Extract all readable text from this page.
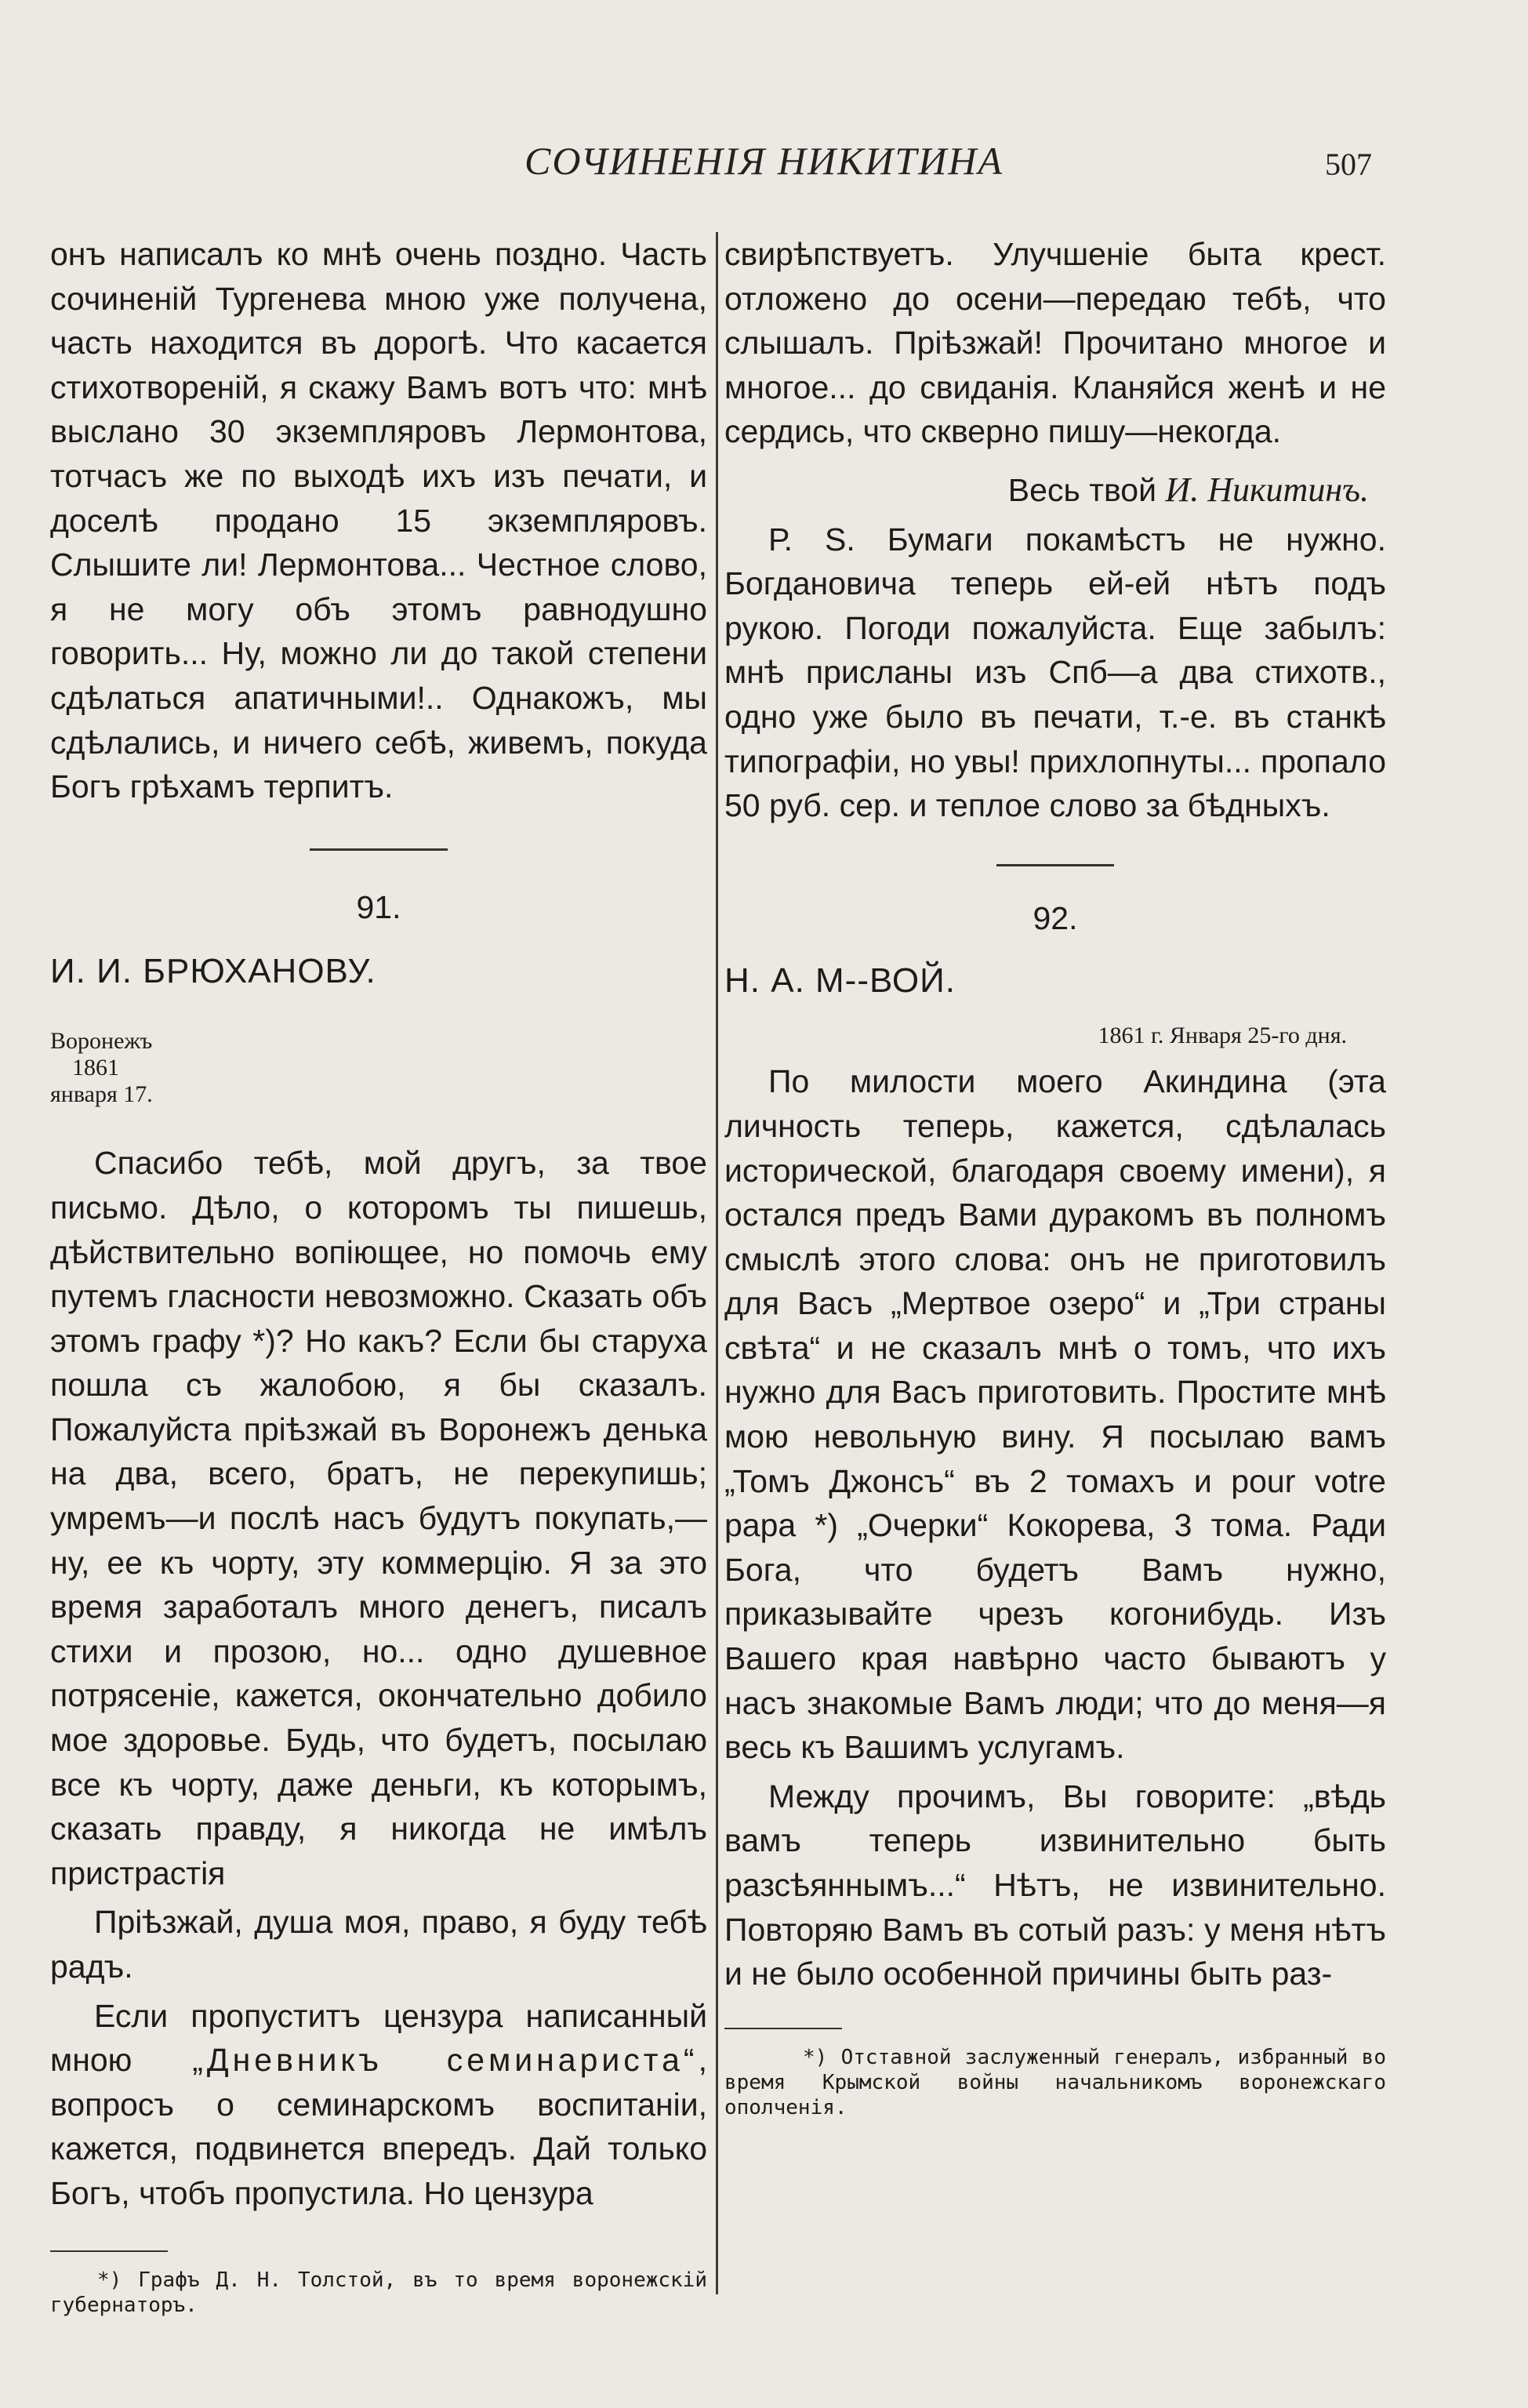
СОЧИНЕНІЯ НИКИТИНА	507

онъ написалъ ко мнѣ очень поздно. Часть сочиненій Тургенева мною уже получена, часть находится въ дорогѣ. Что касается стихотвореній, я скажу Вамъ вотъ что: мнѣ выслано 30 экземпляровъ Лермонтова, тотчасъ же по выходѣ ихъ изъ печати, и доселѣ продано 15 экземпляровъ. Слышите ли! Лермонтова... Честное слово, я не могу объ этомъ равнодушно говорить... Ну, можно ли до такой степени сдѣлаться апатичными!.. Однакожъ, мы сдѣлались, и ничего себѣ, живемъ, покуда Богъ грѣхамъ терпитъ.

91.
И. И. БРЮХАНОВУ.
Воронежъ
1861
января 17.

Спасибо тебѣ, мой другъ, за твое письмо. Дѣло, о которомъ ты пишешь, дѣйствительно вопіющее, но помочь ему путемъ гласности невозможно. Сказать объ этомъ графу *)? Но какъ? Если бы старуха пошла съ жалобою, я бы сказалъ. Пожалуйста пріѣзжай въ Воронежъ денька на два, всего, братъ, не перекупишь; умремъ—и послѣ насъ будутъ покупать,—ну, ее къ чорту, эту коммерцію. Я за это время заработалъ много денегъ, писалъ стихи и прозою, но... одно душевное потрясеніе, кажется, окончательно добило мое здоровье. Будь, что будетъ, посылаю все къ чорту, даже деньги, къ которымъ, сказать правду, я никогда не имѣлъ пристрастія

Пріѣзжай, душа моя, право, я буду тебѣ радъ.

Если пропуститъ цензура написанный мною „Дневникъ семинариста“, вопросъ о семинарскомъ воспитаніи, кажется, подвинется впередъ. Дай только Богъ, чтобъ пропустила. Но цензура

*) Графъ Д. Н. Толстой, въ то время воронежскій губернаторъ.

свирѣпствуетъ. Улучшеніе быта крест. отложено до осени—передаю тебѣ, что слышалъ. Пріѣзжай! Прочитано многое и многое... до свиданія. Кланяйся женѣ и не сердись, что скверно пишу—некогда.

Весь твой И. Никитинъ.

Р. S. Бумаги покамѣстъ не нужно. Богдановича теперь ей-ей нѣтъ подъ рукою. Погоди пожалуйста. Еще забылъ: мнѣ присланы изъ Спб—а два стихотв., одно уже было въ печати, т.-е. въ станкѣ типографіи, но увы! прихлопнуты... пропало 50 руб. сер. и теплое слово за бѣдныхъ.

92.
Н. А. М--ВОЙ.
1861 г. Января 25-го дня.

По милости моего Акиндина (эта личность теперь, кажется, сдѣлалась исторической, благодаря своему имени), я остался предъ Вами дуракомъ въ полномъ смыслѣ этого слова: онъ не приготовилъ для Васъ „Мертвое озеро“ и „Три страны свѣта“ и не сказалъ мнѣ о томъ, что ихъ нужно для Васъ приготовить. Простите мнѣ мою невольную вину. Я посылаю вамъ „Томъ Джонсъ“ въ 2 томахъ и pour votre papa *) „Очерки“ Кокорева, 3 тома. Ради Бога, что будетъ Вамъ нужно, приказывайте чрезъ когонибудь. Изъ Вашего края навѣрно часто бываютъ у насъ знакомые Вамъ люди; что до меня—я весь къ Вашимъ услугамъ.

Между прочимъ, Вы говорите: „вѣдь вамъ теперь извинительно быть разсѣяннымъ...“ Нѣтъ, не извинительно. Повторяю Вамъ въ сотый разъ: у меня нѣтъ и не было особенной причины быть раз-

*) Отставной заслуженный генералъ, избранный во время Крымской войны начальникомъ воронежскаго ополченія.
